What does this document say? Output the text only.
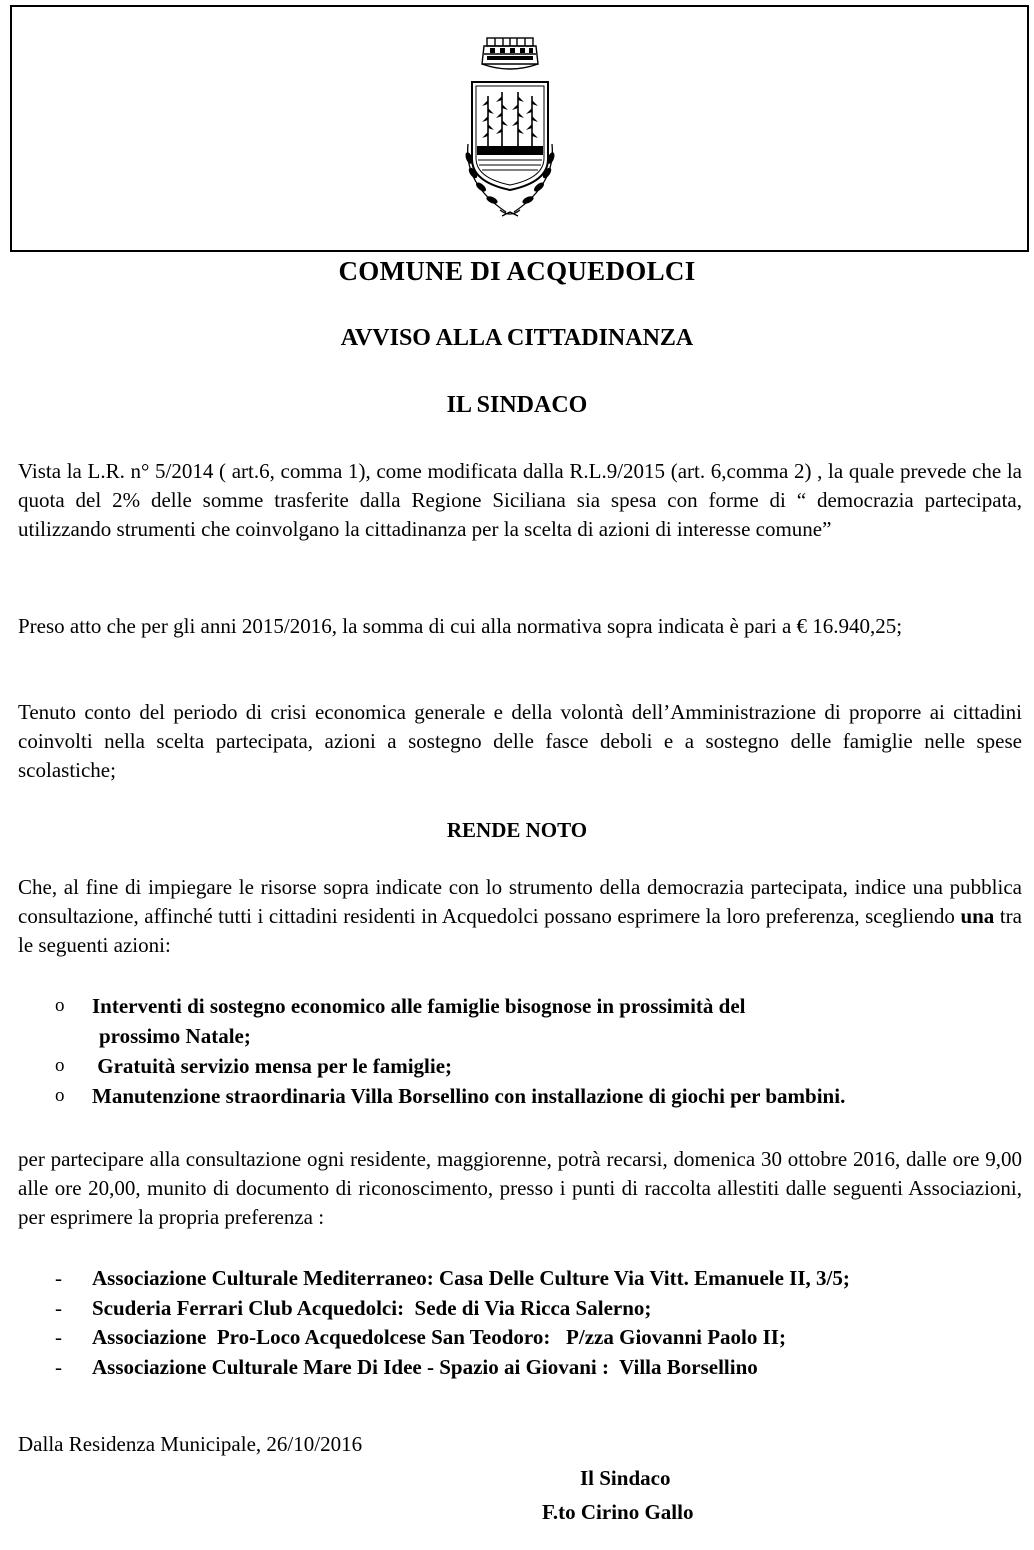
COMUNE DI ACQUEDOLCI
AVVISO ALLA CITTADINANZA
IL SINDACO
Vista la L.R. n° 5/2014 ( art.6, comma 1), come modificata dalla R.L.9/2015 (art. 6,comma 2) , la quale prevede che la quota del 2% delle somme trasferite dalla Regione Siciliana sia spesa con forme di “ democrazia partecipata, utilizzando strumenti che coinvolgano la cittadinanza per la scelta di azioni di interesse comune”
Preso atto che per gli anni 2015/2016, la somma di cui alla normativa sopra indicata è pari a € 16.940,25;
Tenuto conto del periodo di crisi economica generale e della volontà dell’Amministrazione di proporre ai cittadini coinvolti nella scelta partecipata, azioni a sostegno delle fasce deboli e a sostegno delle famiglie nelle spese scolastiche;
RENDE NOTO
Che, al fine di impiegare le risorse sopra indicate con lo strumento della democrazia partecipata, indice una pubblica consultazione, affinché tutti i cittadini residenti in Acquedolci possano esprimere la loro preferenza, scegliendo una tra le seguenti azioni:
o Interventi di sostegno economico alle famiglie bisognose in prossimità del
prossimo Natale;
o Gratuità servizio mensa per le famiglie;
o Manutenzione straordinaria Villa Borsellino con installazione di giochi per bambini.
per partecipare alla consultazione ogni residente, maggiorenne, potrà recarsi, domenica 30 ottobre 2016, dalle ore 9,00 alle ore 20,00, munito di documento di riconoscimento, presso i punti di raccolta allestiti dalle seguenti Associazioni, per esprimere la propria preferenza :
- Associazione Culturale Mediterraneo: Casa Delle Culture Via Vitt. Emanuele II, 3/5;
- Scuderia Ferrari Club Acquedolci:  Sede di Via Ricca Salerno;
- Associazione  Pro-Loco Acquedolcese San Teodoro:   P/zza Giovanni Paolo II;
- Associazione Culturale Mare Di Idee - Spazio ai Giovani :  Villa Borsellino
Dalla Residenza Municipale, 26/10/2016
Il Sindaco
F.to Cirino Gallo
